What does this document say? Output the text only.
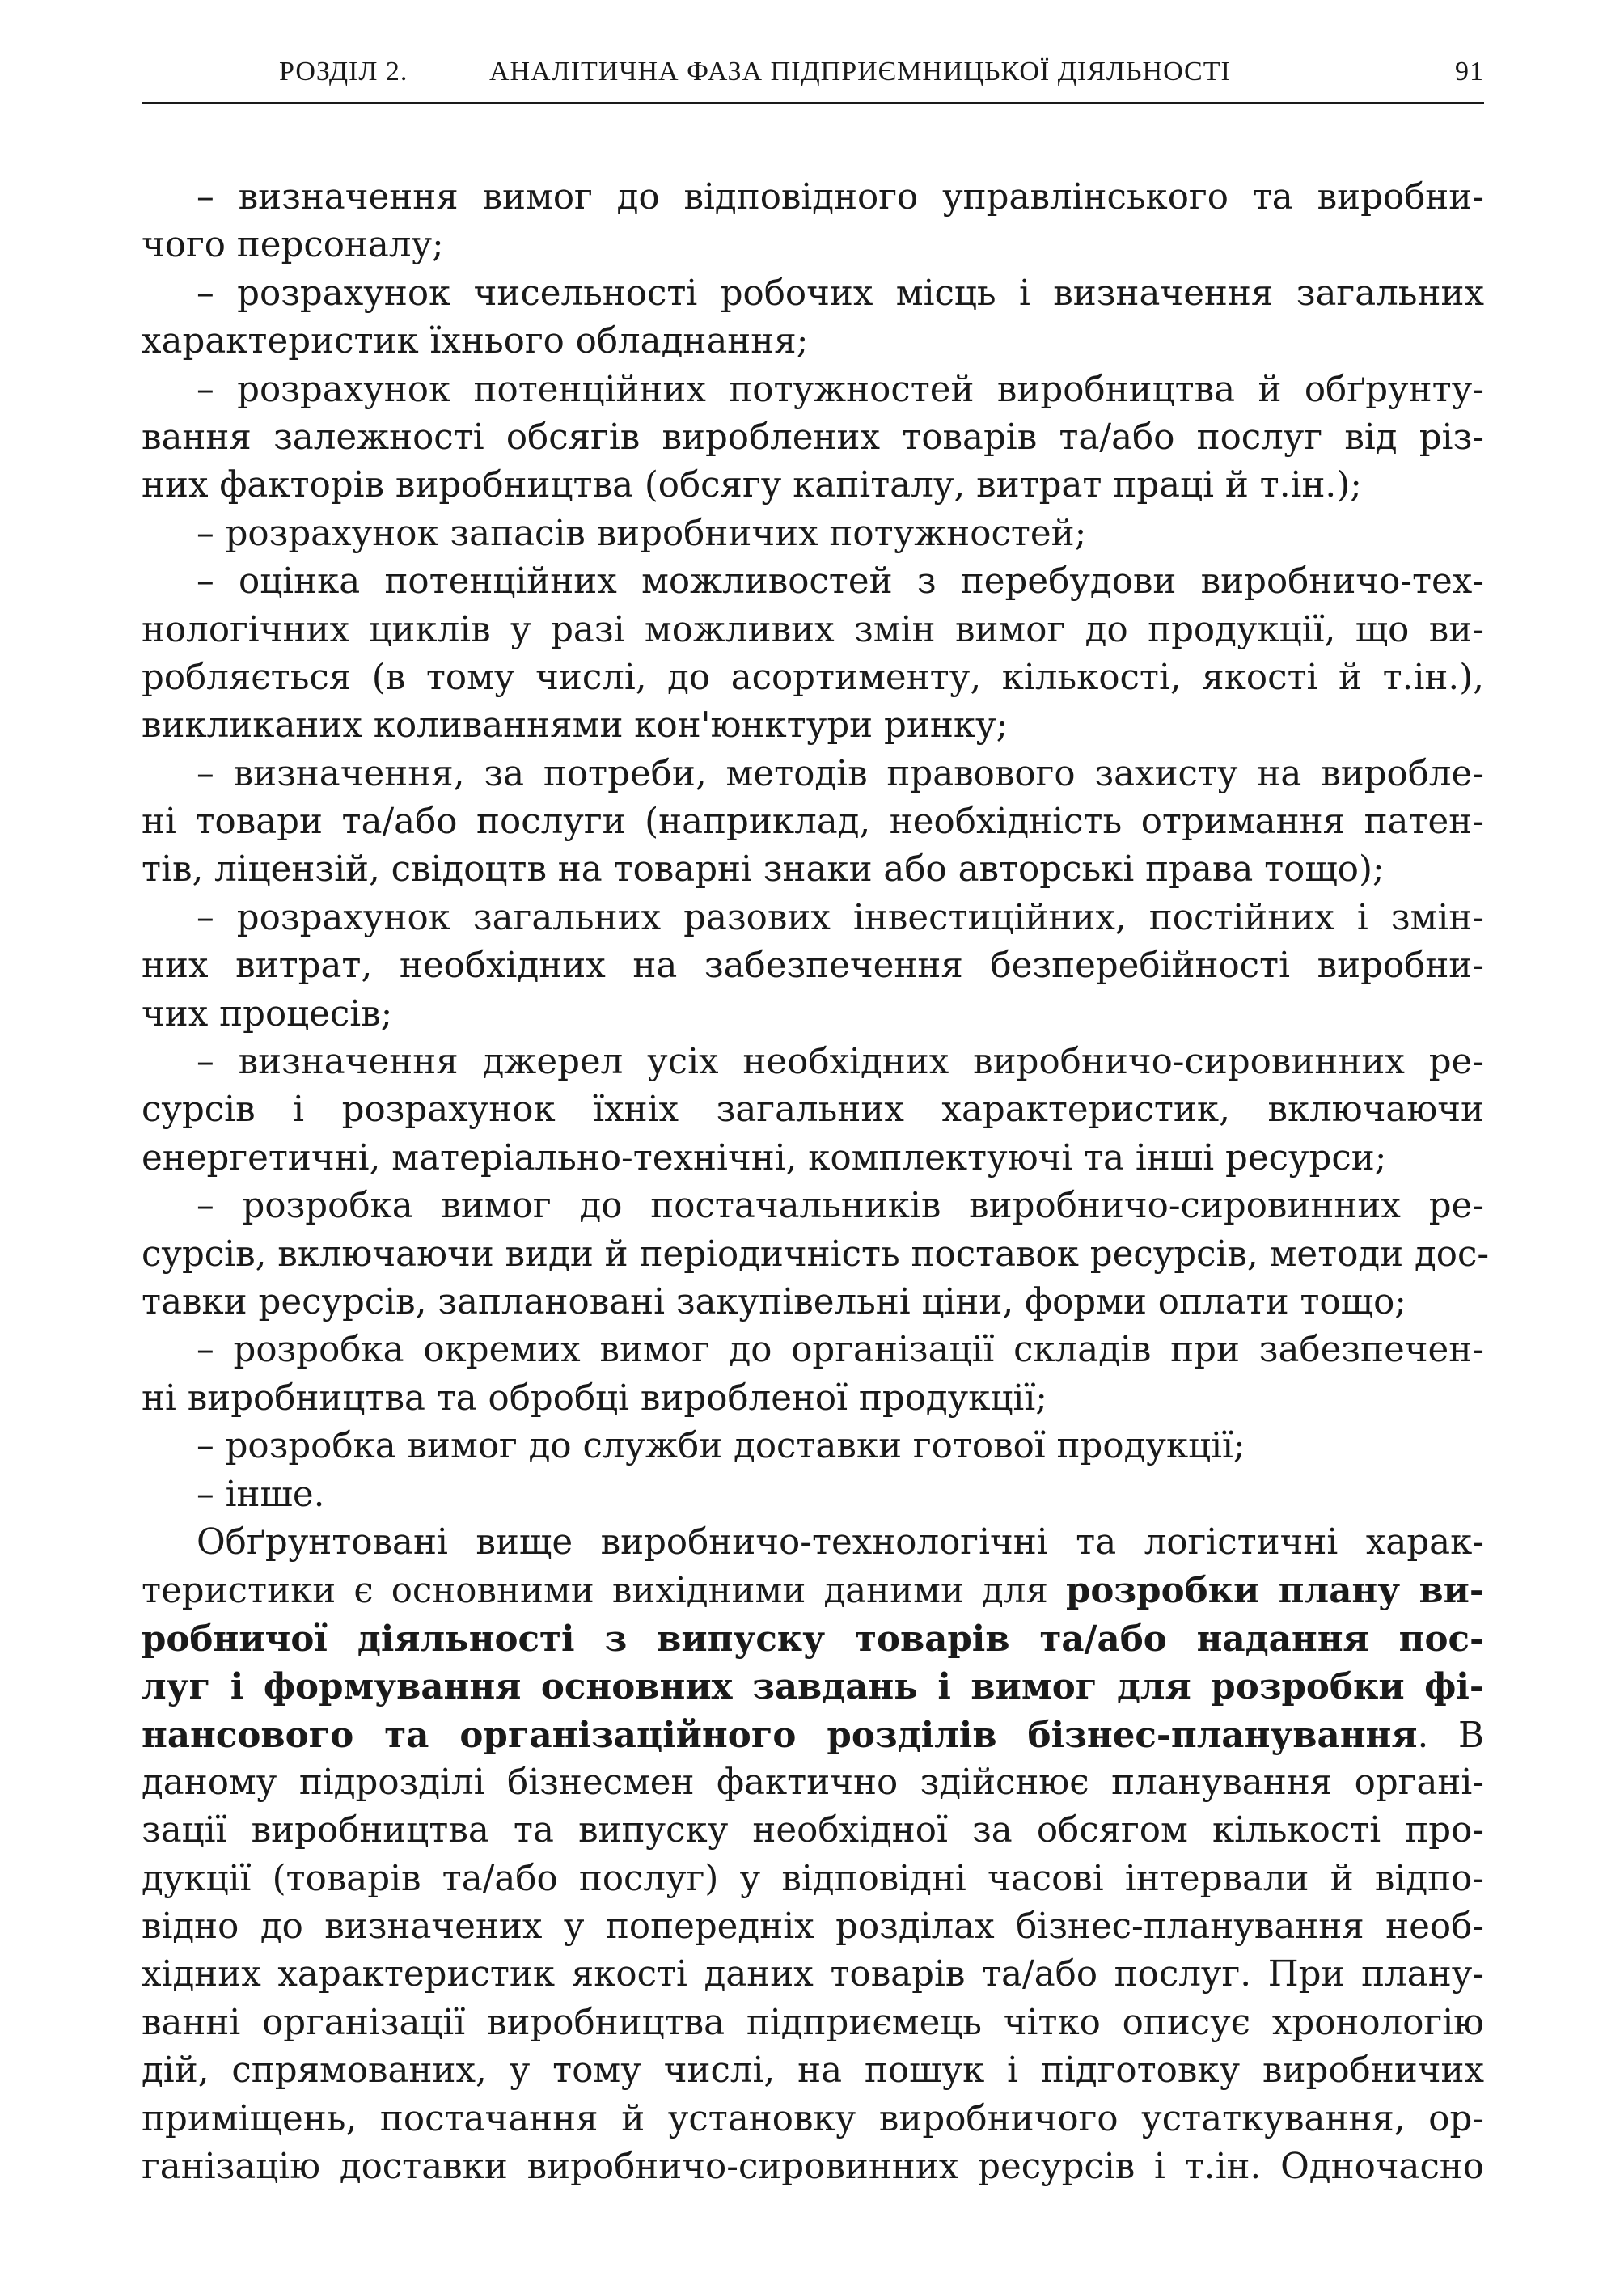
РОЗДІЛ 2.	АНАЛІТИЧНА ФАЗА ПІДПРИЄМНИЦЬКОЇ ДІЯЛЬНОСТІ	91
– визначення вимог до відповідного управлінського та виробни-
чого персоналу;
– розрахунок чисельності робочих місць і визначення загальних
характеристик їхнього обладнання;
– розрахунок потенційних потужностей виробництва й обґрунту-
вання залежності обсягів вироблених товарів та/або послуг від різ-
них факторів виробництва (обсягу капіталу, витрат праці й т.ін.);
– розрахунок запасів виробничих потужностей;
– оцінка потенційних можливостей з перебудови виробничо-тех-
нологічних циклів у разі можливих змін вимог до продукції, що ви-
робляється (в тому числі, до асортименту, кількості, якості й т.ін.),
викликаних коливаннями кон'юнктури ринку;
– визначення, за потреби, методів правового захисту на виробле-
ні товари та/або послуги (наприклад, необхідність отримання патен-
тів, ліцензій, свідоцтв на товарні знаки або авторські права тощо);
– розрахунок загальних разових інвестиційних, постійних і змін-
них витрат, необхідних на забезпечення безперебійності виробни-
чих процесів;
– визначення джерел усіх необхідних виробничо-сировинних ре-
сурсів і розрахунок їхніх загальних характеристик, включаючи
енергетичні, матеріально-технічні, комплектуючі та інші ресурси;
– розробка вимог до постачальників виробничо-сировинних ре-
сурсів, включаючи види й періодичність поставок ресурсів, методи дос-
тавки ресурсів, заплановані закупівельні ціни, форми оплати тощо;
– розробка окремих вимог до організації складів при забезпечен-
ні виробництва та обробці виробленої продукції;
– розробка вимог до служби доставки готової продукції;
– інше.
Обґрунтовані вище виробничо-технологічні та логістичні харак-
теристики є основними вихідними даними для розробки плану ви-
робничої діяльності з випуску товарів та/або надання пос-
луг і формування основних завдань і вимог для розробки фі-
нансового та організаційного розділів бізнес-планування. В
даному підрозділі бізнесмен фактично здійснює планування органі-
зації виробництва та випуску необхідної за обсягом кількості про-
дукції (товарів та/або послуг) у відповідні часові інтервали й відпо-
відно до визначених у попередніх розділах бізнес-планування необ-
хідних характеристик якості даних товарів та/або послуг. При плану-
ванні організації виробництва підприємець чітко описує хронологію
дій, спрямованих, у тому числі, на пошук і підготовку виробничих
приміщень, постачання й установку виробничого устаткування, ор-
ганізацію доставки виробничо-сировинних ресурсів і т.ін. Одночасно
